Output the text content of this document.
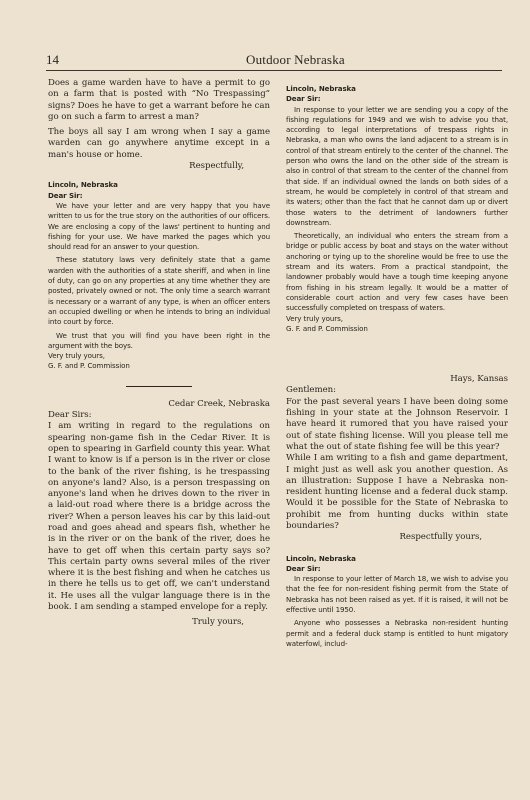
14	Outdoor Nebraska

Does a game warden have to have a permit to go on a farm that is posted with “No Trespassing” signs? Does he have to get a warrant before he can go on such a farm to arrest a man?

The boys all say I am wrong when I say a game warden can go anywhere anytime except in a man's house or home.

Respectfully,

Lincoln, Nebraska

Dear Sir:

We have your letter and are very happy that you have written to us for the true story on the authorities of our officers. We are enclosing a copy of the laws' pertinent to hunting and fishing for your use. We have marked the pages which you should read for an answer to your question.

These statutory laws very definitely state that a game warden with the authorities of a state sheriff, and when in line of duty, can go on any properties at any time whether they are posted, privately owned or not. The only time a search warrant is necessary or a warrant of any type, is when an officer enters an occupied dwelling or when he intends to bring an individual into court by force.

We trust that you will find you have been right in the argument with the boys.

Very truly yours,

G. F. and P. Commission

Cedar Creek, Nebraska

Dear Sirs:

I am writing in regard to the regulations on spearing non-game fish in the Cedar River. It is open to spearing in Garfield county this year. What I want to know is if a person is in the river or close to the bank of the river fishing, is he trespassing on anyone's land? Also, is a person trespassing on anyone's land when he drives down to the river in a laid-out road where there is a bridge across the river? When a person leaves his car by this laid-out road and goes ahead and spears fish, whether he is in the river or on the bank of the river, does he have to get off when this certain party says so? This certain party owns several miles of the river where it is the best fishing and when he catches us in there he tells us to get off, we can't understand it. He uses all the vulgar language there is in the book. I am sending a stamped envelope for a reply.

Truly yours,

Lincoln, Nebraska

Dear Sir:

In response to your letter we are sending you a copy of the fishing regulations for 1949 and we wish to advise you that, according to legal interpretations of trespass rights in Nebraska, a man who owns the land adjacent to a stream is in control of that stream entirely to the center of the channel. The person who owns the land on the other side of the stream is also in control of that stream to the center of the channel from that side. If an individual owned the lands on both sides of a stream, he would be completely in control of that stream and its waters; other than the fact that he cannot dam up or divert those waters to the detriment of landowners further downstream.

Theoretically, an individual who enters the stream from a bridge or public access by boat and stays on the water without anchoring or tying up to the shoreline would be free to use the stream and its waters. From a practical standpoint, the landowner probably would have a tough time keeping anyone from fishing in his stream legally. It would be a matter of considerable court action and very few cases have been successfully completed on trespass of waters.

Very truly yours,

G. F. and P. Commission

Hays, Kansas

Gentlemen:

For the past several years I have been doing some fishing in your state at the Johnson Reservoir. I have heard it rumored that you have raised your out of state fishing license. Will you please tell me what the out of state fishing fee will be this year?

While I am writing to a fish and game department, I might just as well ask you another question. As an illustration: Suppose I have a Nebraska non-resident hunting license and a federal duck stamp. Would it be possible for the State of Nebraska to prohibit me from hunting ducks within state boundaries?

Respectfully yours,

Lincoln, Nebraska

Dear Sir:

In response to your letter of March 18, we wish to advise you that the fee for non-resident fishing permit from the State of Nebraska has not been raised as yet. If it is raised, it will not be effective until 1950.

Anyone who possesses a Nebraska non-resident hunting permit and a federal duck stamp is entitled to hunt migatory waterfowl, includ-
